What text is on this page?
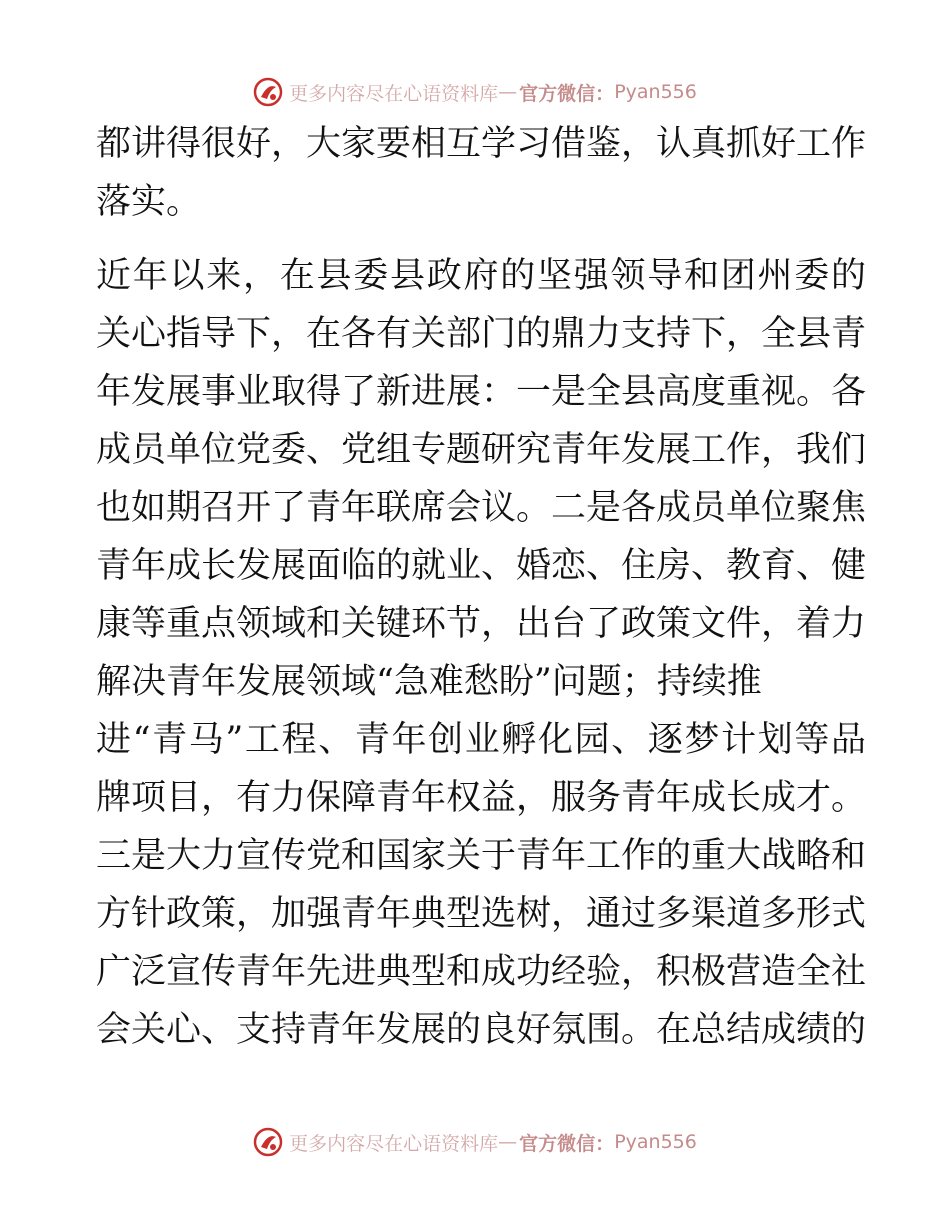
更多内容尽在心语资料库 — 官方微信： Pyan556
都讲得很好，大家要相互学习借鉴，认真抓好工作
落实。
近年以来，在县委县政府的坚强领导和团州委的
关心指导下，在各有关部门的鼎力支持下，全县青
年发展事业取得了新进展：一是全县高度重视。各
成员单位党委、党组专题研究青年发展工作，我们
也如期召开了青年联席会议。二是各成员单位聚焦
青年成长发展面临的就业、婚恋、住房、教育、健
康等重点领域和关键环节，出台了政策文件，着力
解决青年发展领域“急难愁盼”问题；持续推
进“青马”工程、青年创业孵化园、逐梦计划等品
牌项目，有力保障青年权益，服务青年成长成才。
三是大力宣传党和国家关于青年工作的重大战略和
方针政策，加强青年典型选树，通过多渠道多形式
广泛宣传青年先进典型和成功经验，积极营造全社
会关心、支持青年发展的良好氛围。在总结成绩的
更多内容尽在心语资料库 — 官方微信： Pyan556
